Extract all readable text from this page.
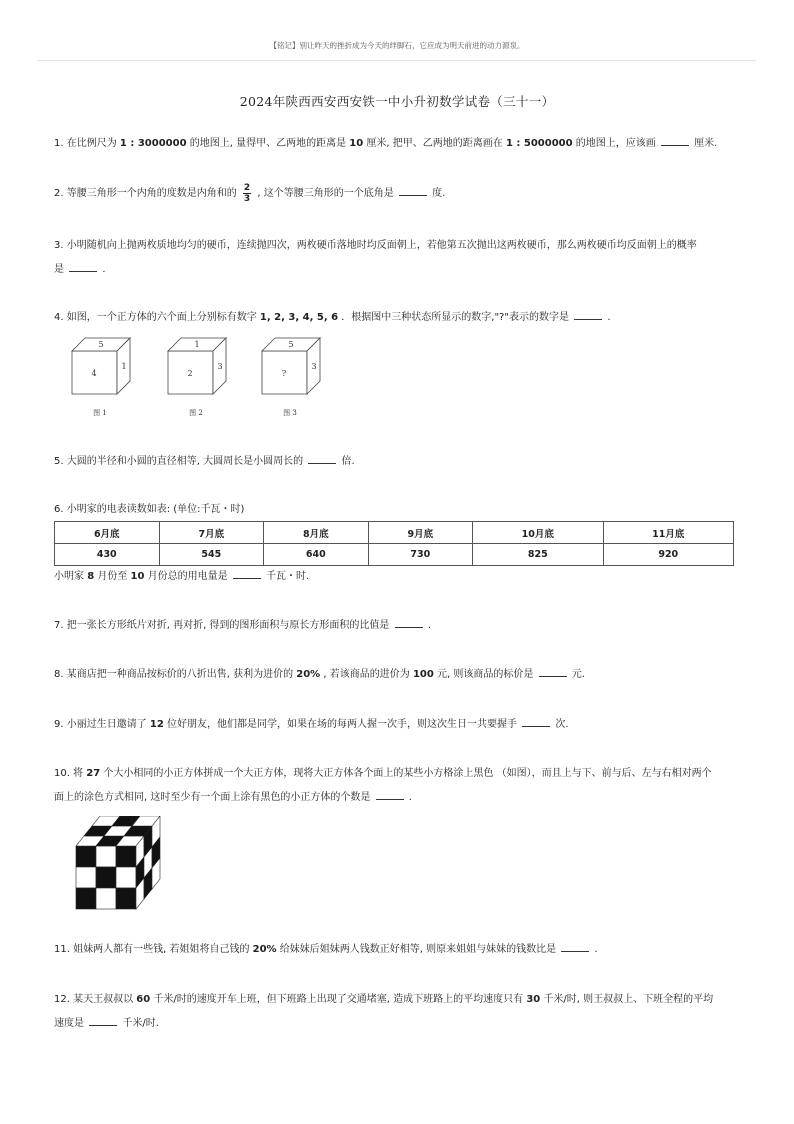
【铭记】别让昨天的挫折成为今天的绊脚石，它应成为明天前进的动力源泉。
2024年陕西西安西安铁一中小升初数学试卷（三十一）
1. 在比例尺为 1 : 3000000 的地图上, 量得甲、乙两地的距离是 10 厘米, 把甲、乙两地的距离画在 1 : 5000000 的地图上，应该画	厘米.
2. 等腰三角形一个内角的度数是内角和的 $\frac{2}{3}$ , 这个等腰三角形的一个底角是	度.
3. 小明随机向上抛两枚质地均匀的硬币，连续抛四次，两枚硬币落地时均反面朝上，若他第五次抛出这两枚硬币，那么两枚硬币均反面朝上的概率
是	.
4. 如图，一个正方体的六个面上分别标有数字 1, 2, 3, 4, 5, 6 ．根据图中三种状态所显示的数字,"?"表示的数字是	.
5
4
1
图 1
1
2
3
图 2
5
?
3
图 3
5. 大圆的半径和小圆的直径相等, 大圆周长是小圆周长的	倍.
6. 小明家的电表读数如表: (单位:千瓦・时)
6月底	7月底	8月底	9月底	10月底	11月底
430	545	640	730	825	920
小明家 8 月份至 10 月份总的用电量是	千瓦・时.
7. 把一张长方形纸片对折, 再对折, 得到的图形面积与原长方形面积的比值是	.
8. 某商店把一种商品按标价的八折出售, 获利为进价的 20% , 若该商品的进价为 100 元, 则该商品的标价是	元.
9. 小丽过生日邀请了 12 位好朋友，他们都是同学，如果在场的每两人握一次手，则这次生日一共要握手	次.
10. 将 27 个大小相同的小正方体拼成一个大正方体，现将大正方体各个面上的某些小方格涂上黑色 （如图），而且上与下、前与后、左与右相对两个
面上的涂色方式相同, 这时至少有一个面上涂有黑色的小正方体的个数是	.
11. 姐妹两人都有一些钱, 若姐姐将自己钱的 20% 给妹妹后姐妹两人钱数正好相等, 则原来姐姐与妹妹的钱数比是	.
12. 某天王叔叔以 60 千米/时的速度开车上班，但下班路上出现了交通堵塞, 造成下班路上的平均速度只有 30 千米/时, 则王叔叔上、下班全程的平均
速度是	千米/时.
